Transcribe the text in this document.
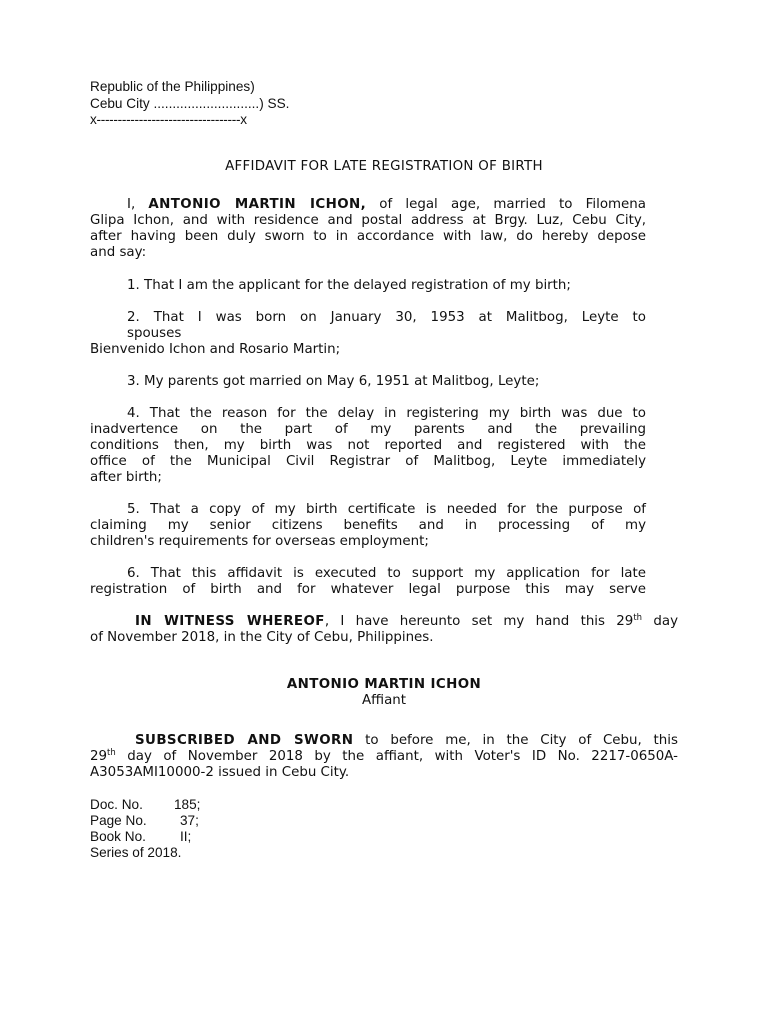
Republic of the Philippines)

Cebu City ............................) SS.

x----------------------------------x

AFFIDAVIT FOR LATE REGISTRATION OF BIRTH

I, ANTONIO MARTIN ICHON, of legal age, married to Filomena

Glipa Ichon, and with residence and postal address at Brgy. Luz, Cebu City,

after having been duly sworn to in accordance with law, do hereby depose

and say:

1. That I am the applicant for the delayed registration of my birth;

2. That I was born on January 30, 1953 at Malitbog, Leyte to

spouses

Bienvenido Ichon and Rosario Martin;

3. My parents got married on May 6, 1951 at Malitbog, Leyte;

4. That the reason for the delay in registering my birth was due to

inadvertence on the part of my parents and the prevailing

conditions then, my birth was not reported and registered with the

office of the Municipal Civil Registrar of Malitbog, Leyte immediately

after birth;

5. That a copy of my birth certificate is needed for the purpose of

claiming my senior citizens benefits and in processing of my

children's requirements for overseas employment;

6. That this affidavit is executed to support my application for late

registration of birth and for whatever legal purpose this may serve

IN WITNESS WHEREOF, I have hereunto set my hand this 29th day

of November 2018, in the City of Cebu, Philippines.

ANTONIO MARTIN ICHON

Affiant

SUBSCRIBED AND SWORN to before me, in the City of Cebu, this

29th day of November 2018 by the affiant, with Voter's ID No. 2217-0650A-

A3053AMI10000-2 issued in Cebu City.

Doc. No. 185;

Page No. 37;

Book No.	II;

Series of 2018.
